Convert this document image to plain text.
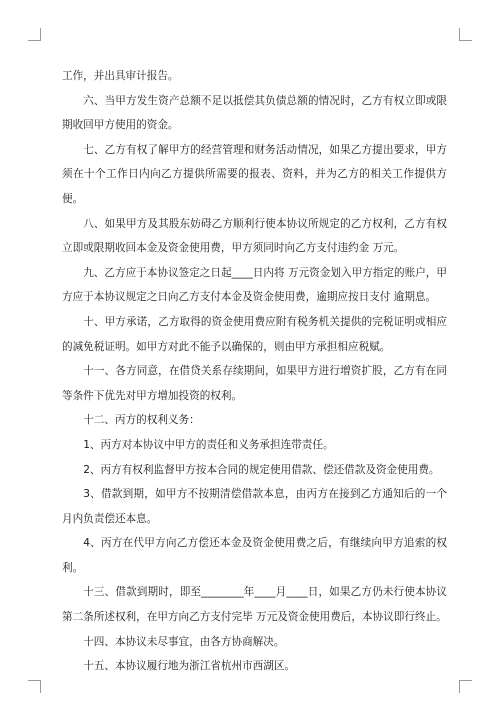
工作，并出具审计报告。

六、当甲方发生资产总额不足以抵偿其负债总额的情况时，乙方有权立即或限期收回甲方使用的资金。

七、乙方有权了解甲方的经营管理和财务活动情况，如果乙方提出要求，甲方须在十个工作日内向乙方提供所需要的报表、资料，并为乙方的相关工作提供方便。

八、如果甲方及其股东妨碍乙方顺利行使本协议所规定的乙方权利，乙方有权立即或限期收回本金及资金使用费，甲方须同时向乙方支付违约金 万元。

九、乙方应于本协议签定之日起____日内将 万元资金划入甲方指定的账户，甲方应于本协议规定之日向乙方支付本金及资金使用费，逾期应按日支付 逾期息。

十、甲方承诺，乙方取得的资金使用费应附有税务机关提供的完税证明或相应的减免税证明。如甲方对此不能予以确保的，则由甲方承担相应税赋。

十一、各方同意，在借贷关系存续期间，如果甲方进行增资扩股，乙方有在同等条件下优先对甲方增加投资的权利。

十二、丙方的权利义务：

1、丙方对本协议中甲方的责任和义务承担连带责任。

2、丙方有权利监督甲方按本合同的规定使用借款、偿还借款及资金使用费。

3、借款到期，如甲方不按期清偿借款本息，由丙方在接到乙方通知后的一个月内负责偿还本息。

4、丙方在代甲方向乙方偿还本金及资金使用费之后，有继续向甲方追索的权利。

十三、借款到期时，即至________年____月____日，如果乙方仍未行使本协议第二条所述权利，在甲方向乙方支付完毕 万元及资金使用费后，本协议即行终止。

十四、本协议未尽事宜，由各方协商解决。

十五、本协议履行地为浙江省杭州市西湖区。
